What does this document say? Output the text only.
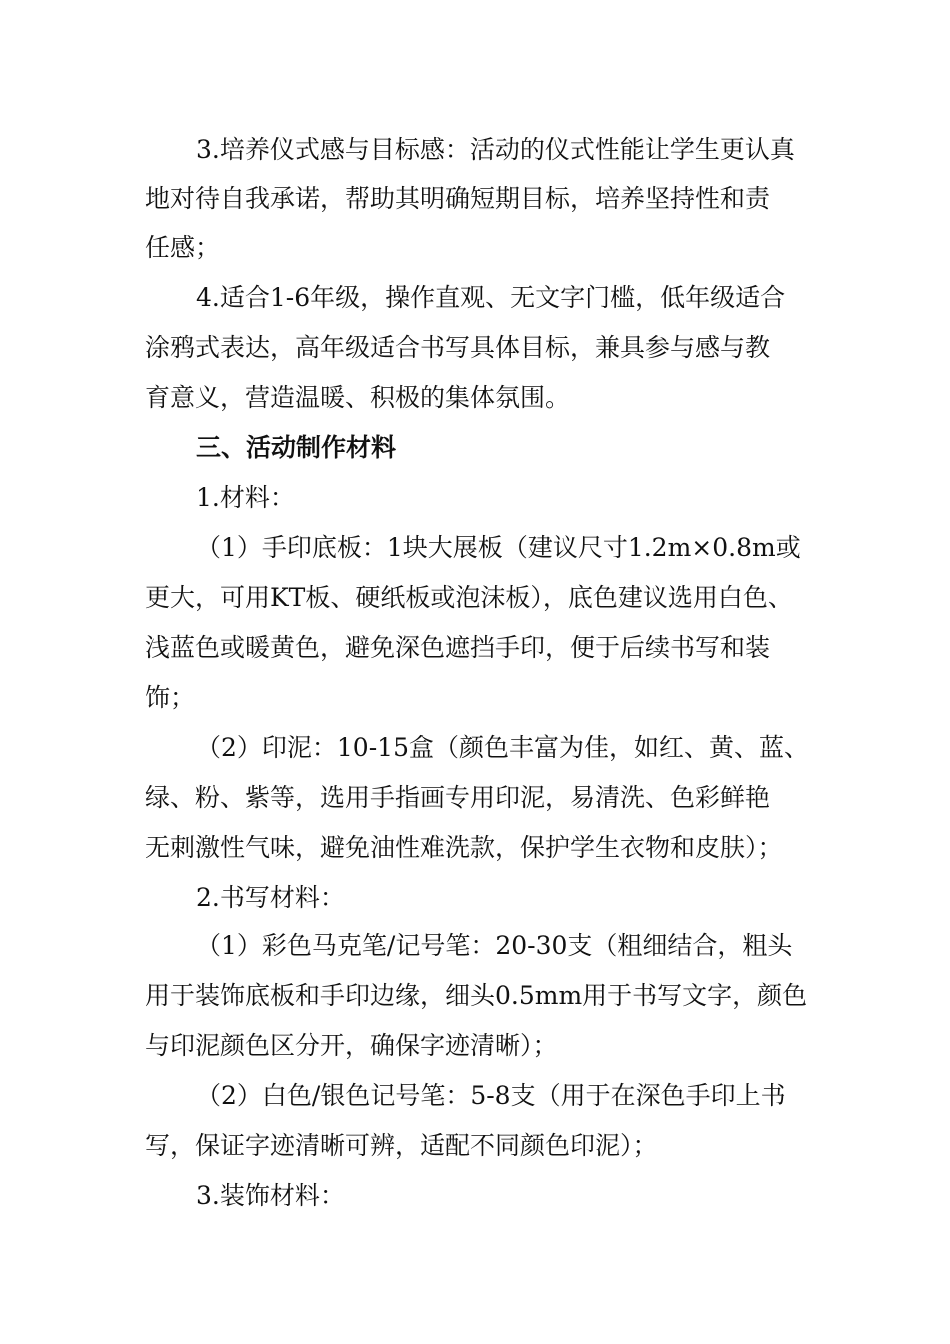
3.培养仪式感与目标感：活动的仪式性能让学生更认真
地对待自我承诺，帮助其明确短期目标，培养坚持性和责
任感；
4.适合1-6年级，操作直观、无文字门槛，低年级适合
涂鸦式表达，高年级适合书写具体目标，兼具参与感与教
育意义，营造温暖、积极的集体氛围。
三、活动制作材料
1.材料：
（1）手印底板：1块大展板（建议尺寸1.2m×0.8m或
更大，可用KT板、硬纸板或泡沫板），底色建议选用白色、
浅蓝色或暖黄色，避免深色遮挡手印，便于后续书写和装
饰；
（2）印泥：10-15盒（颜色丰富为佳，如红、黄、蓝、
绿、粉、紫等，选用手指画专用印泥，易清洗、色彩鲜艳
无刺激性气味，避免油性难洗款，保护学生衣物和皮肤）；
2.书写材料：
（1）彩色马克笔/记号笔：20-30支（粗细结合，粗头
用于装饰底板和手印边缘，细头0.5mm用于书写文字，颜色
与印泥颜色区分开，确保字迹清晰）；
（2）白色/银色记号笔：5-8支（用于在深色手印上书
写，保证字迹清晰可辨，适配不同颜色印泥）；
3.装饰材料：
